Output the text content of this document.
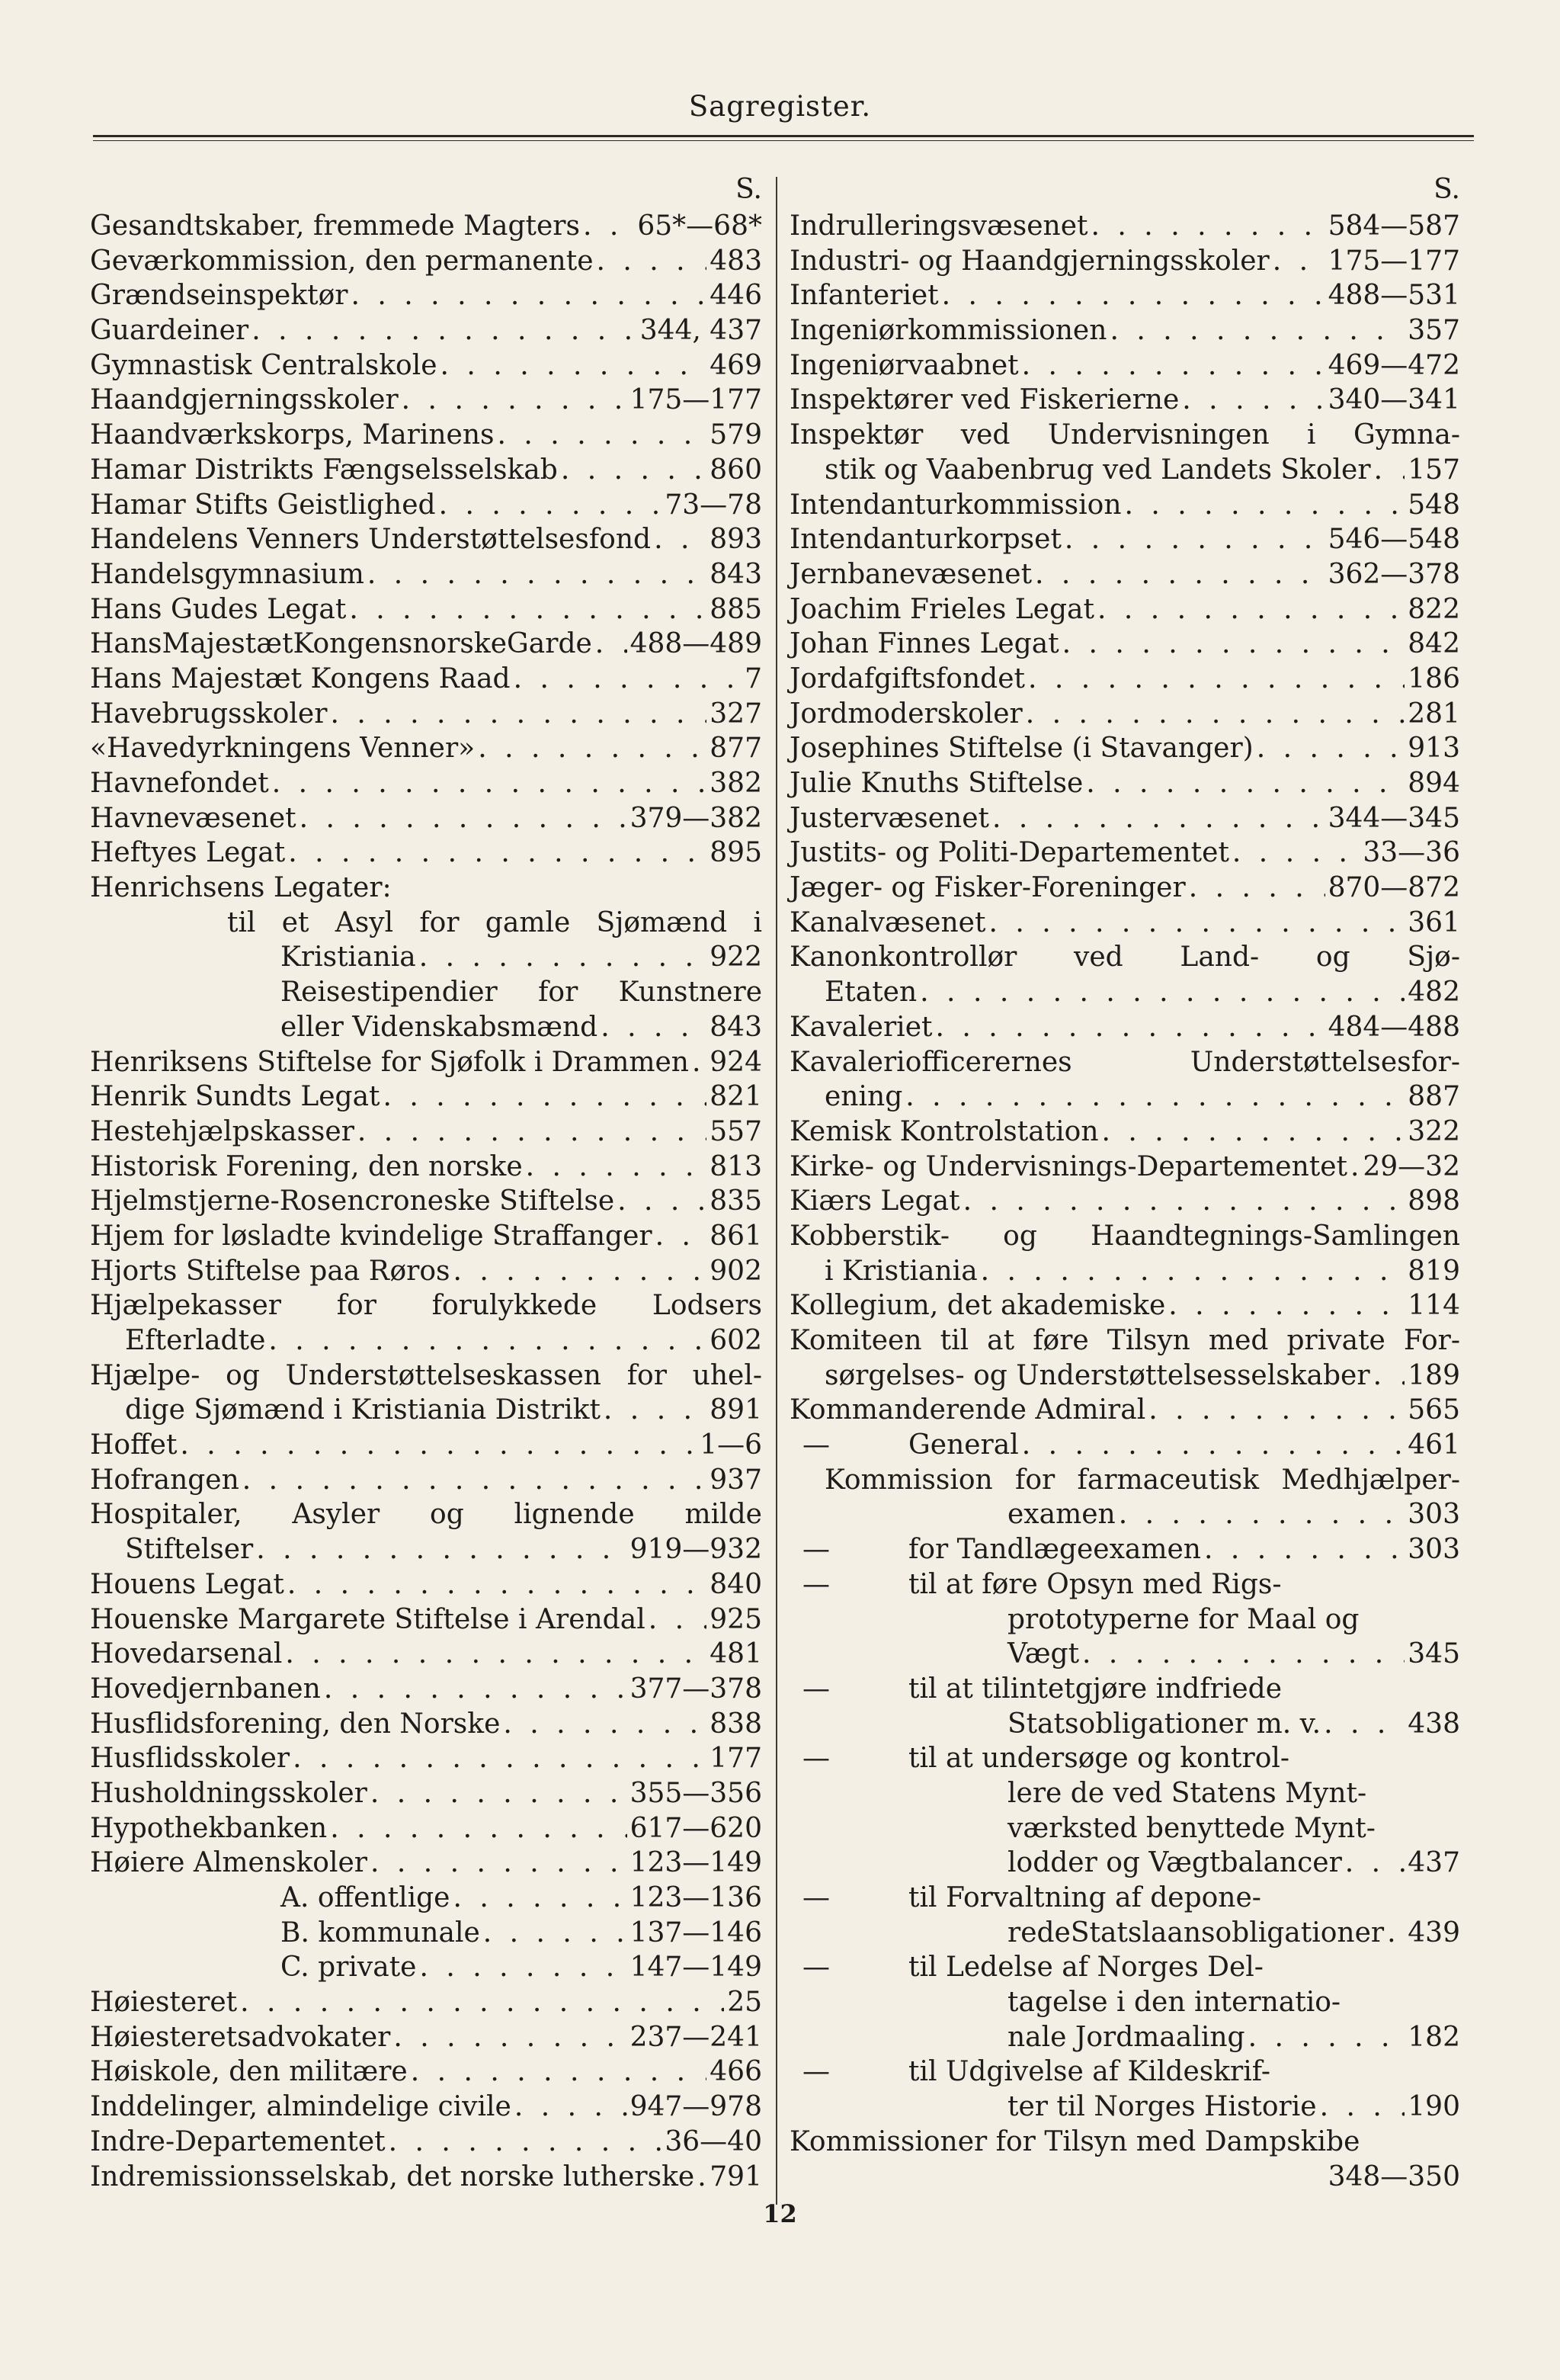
Sagregister.
S.
Gesandtskaber, fremmede Magters . . . 65*—68*
Geværkommission, den permanente . . .	483
Grændseinspektør . . .	446
Guardeiner . . .	344, 437
Gymnastisk Centralskole . . .	469
Haandgjerningsskoler . . .	175—177
Haandværkskorps, Marinens . . .	579
Hamar Distrikts Fængselsselskab . . .	860
Hamar Stifts Geistlighed . . .	73—78
Handelens Venners Understøttelsesfond . . . 893
Handelsgymnasium . . .	843
Hans Gudes Legat . . .	885
HansMajestætKongensnorskeGarde . . . 488—489
Hans Majestæt Kongens Raad . . .	7
Havebrugsskoler . . .	327
«Havedyrkningens Venner» . . .	877
Havnefondet . . .	382
Havnevæsenet . . .	379—382
Heftyes Legat . . .	895
Henrichsens Legater:
til et Asyl for gamle Sjømænd i
Kristiania . . .	922
Reisestipendier for Kunstnere
eller Videnskabsmænd . . .	843
Henriksens Stiftelse for Sjøfolk i Drammen . . . 924
Henrik Sundts Legat . . .	821
Hestehjælpskasser . . .	557
Historisk Forening, den norske . . .	813
Hjelmstjerne-Rosencroneske Stiftelse . . .	835
Hjem for løsladte kvindelige Straffanger . . . 861
Hjorts Stiftelse paa Røros . . .	902
Hjælpekasser for forulykkede Lodsers
Efterladte . . .	602
Hjælpe- og Understøttelseskassen for uhel-
dige Sjømænd i Kristiania Distrikt . . .	891
Hoffet . . .	1—6
Hofrangen . . .	937
Hospitaler, Asyler og lignende milde
Stiftelser . . .	919—932
Houens Legat . . .	840
Houenske Margarete Stiftelse i Arendal . . . 925
Hovedarsenal . . .	481
Hovedjernbanen . . .	377—378
Husflidsforening, den Norske . . .	838
Husflidsskoler . . .	177
Husholdningsskoler . . .	355—356
Hypothekbanken . . .	617—620
Høiere Almenskoler . . .	123—149
A. offentlige . . .	123—136
B. kommunale . . .	137—146
C. private . . .	147—149
Høiesteret . . .	25
Høiesteretsadvokater . . .	237—241
Høiskole, den militære . . .	466
Inddelinger, almindelige civile . . .	947—978
Indre-Departementet . . .	36—40
Indremissionsselskab, det norske lutherske . . . 791
S.
Indrulleringsvæsenet . . .	584—587
Industri- og Haandgjerningsskoler . . . 175—177
Infanteriet . . .	488—531
Ingeniørkommissionen . . .	357
Ingeniørvaabnet . . .	469—472
Inspektører ved Fiskerierne . . .	340—341
Inspektør ved Undervisningen i Gymna-
stik og Vaabenbrug ved Landets Skoler . . . 157
Intendanturkommission . . .	548
Intendanturkorpset . . .	546—548
Jernbanevæsenet . . .	362—378
Joachim Frieles Legat . . .	822
Johan Finnes Legat . . .	842
Jordafgiftsfondet . . .	186
Jordmoderskoler . . .	281
Josephines Stiftelse (i Stavanger) . . .	913
Julie Knuths Stiftelse . . .	894
Justervæsenet . . .	344—345
Justits- og Politi-Departementet . . .	33—36
Jæger- og Fisker-Foreninger . . .	870—872
Kanalvæsenet . . .	361
Kanonkontrollør ved Land- og Sjø-
Etaten . . .	482
Kavaleriet . . .	484—488
Kavaleriofficerernes Understøttelsesfor-
ening . . .	887
Kemisk Kontrolstation . . .	322
Kirke- og Undervisnings-Departementet . . . 29—32
Kiærs Legat . . .	898
Kobberstik- og Haandtegnings-Samlingen
i Kristiania . . .	819
Kollegium, det akademiske . . .	114
Komiteen til at føre Tilsyn med private For-
sørgelses- og Understøttelsesselskaber . . . 189
Kommanderende Admiral . . .	565
—	General . . .	461
Kommission for farmaceutisk Medhjælper-
examen . . .	303
—	for Tandlægeexamen . . .	303
—	til at føre Opsyn med Rigs-
prototyperne for Maal og
Vægt . . .	345
—	til at tilintetgjøre indfriede
Statsobligationer m. v. . . .	438
—	til at undersøge og kontrol-
lere de ved Statens Mynt-
værksted benyttede Mynt-
lodder og Vægtbalancer . . . 437
—	til Forvaltning af depone-
redeStatslaansobligationer . . . 439
—	til Ledelse af Norges Del-
tagelse i den internatio-
nale Jordmaaling . . .	182
—	til Udgivelse af Kildeskrif-
ter til Norges Historie . . .	190
Kommissioner for Tilsyn med Dampskibe
348—350
12
